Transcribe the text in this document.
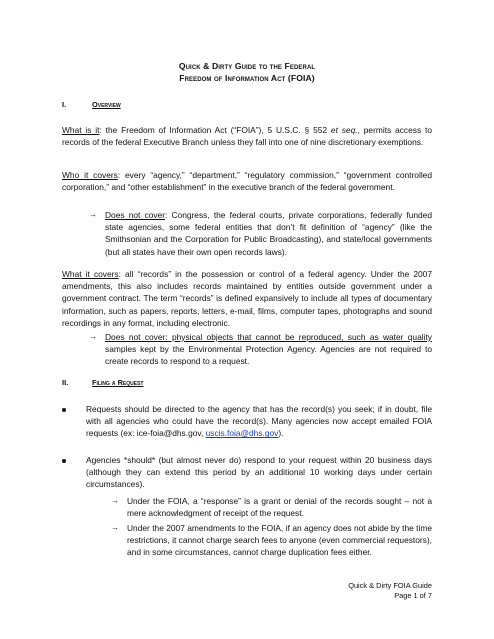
Quick & Dirty Guide to the Federal
Freedom of Information Act (FOIA)
I.	Overview
What is it: the Freedom of Information Act (“FOIA”), 5 U.S.C. § 552 et seq., permits access to records of the federal Executive Branch unless they fall into one of nine discretionary exemptions.
Who it covers: every “agency,” “department,” “regulatory commission,” “government controlled corporation,” and “other establishment” in the executive branch of the federal government.
→ Does not cover: Congress, the federal courts, private corporations, federally funded state agencies, some federal entities that don’t fit definition of “agency” (like the Smithsonian and the Corporation for Public Broadcasting), and state/local governments (but all states have their own open records laws).
What it covers: all “records” in the possession or control of a federal agency. Under the 2007 amendments, this also includes records maintained by entities outside government under a government contract. The term “records” is defined expansively to include all types of documentary information, such as papers, reports, letters, e-mail, films, computer tapes, photographs and sound recordings in any format, including electronic.
→ Does not cover: physical objects that cannot be reproduced, such as water quality samples kept by the Environmental Protection Agency. Agencies are not required to create records to respond to a request.
II.	Filing a Request
Requests should be directed to the agency that has the record(s) you seek; if in doubt, file with all agencies who could have the record(s). Many agencies now accept emailed FOIA requests (ex: ice-foia@dhs.gov, uscis.foia@dhs.gov).
Agencies *should* (but almost never do) respond to your request within 20 business days (although they can extend this period by an additional 10 working days under certain circumstances).
→ Under the FOIA, a “response” is a grant or denial of the records sought – not a mere acknowledgment of receipt of the request.
→ Under the 2007 amendments to the FOIA, if an agency does not abide by the time restrictions, it cannot charge search fees to anyone (even commercial requestors), and in some circumstances, cannot charge duplication fees either.
Quick & Dirty FOIA Guide
Page 1 of 7
